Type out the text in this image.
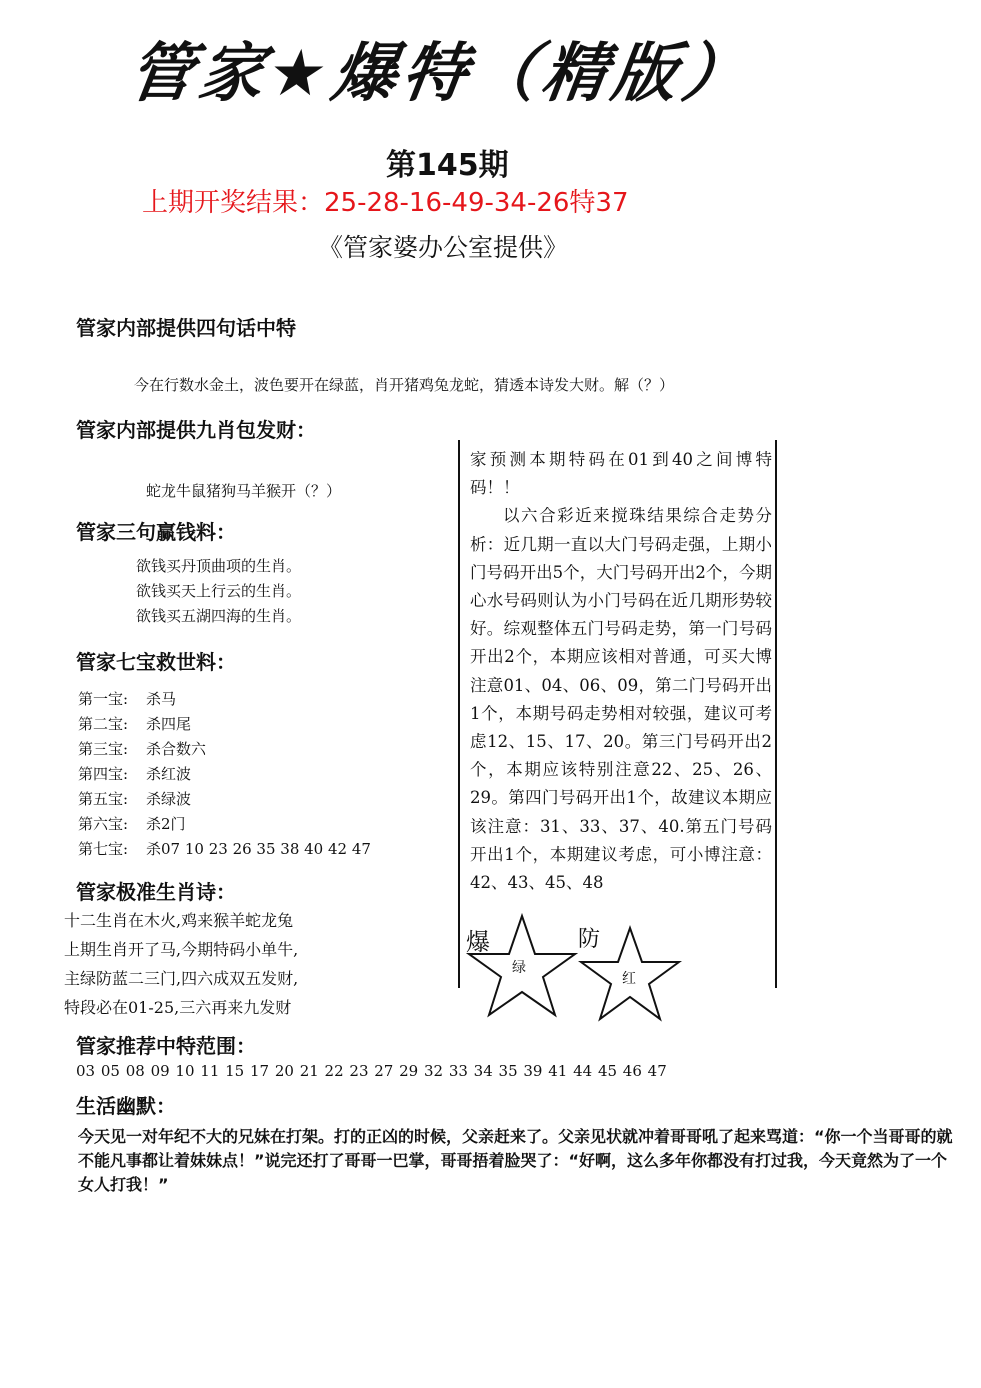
管家★爆特（精版）
第145期
上期开奖结果：25-28-16-49-34-26特37
《管家婆办公室提供》
管家内部提供四句话中特
今在行数水金土，波色要开在绿蓝，肖开猪鸡兔龙蛇，猜透本诗发大财。解（？）
管家内部提供九肖包发财：
蛇龙牛鼠猪狗马羊猴开（？）
管家三句赢钱料：
欲钱买丹顶曲项的生肖。
欲钱买天上行云的生肖。
欲钱买五湖四海的生肖。
管家七宝救世料：
第一宝: 杀马
第二宝: 杀四尾
第三宝: 杀合数六
第四宝: 杀红波
第五宝: 杀绿波
第六宝: 杀2门
第七宝: 杀07 10 23 26 35 38 40 42 47
管家极准生肖诗：
十二生肖在木火,鸡来猴羊蛇龙兔
上期生肖开了马,今期特码小单牛,
主绿防蓝二三门,四六成双五发财,
特段必在01-25,三六再来九发财

家预测本期特码在01到40之间博特码！！

以六合彩近来搅珠结果综合走势分析：近几期一直以大门号码走强，上期小门号码开出5个，大门号码开出2个，今期心水号码则认为小门号码在近几期形势较好。综观整体五门号码走势，第一门号码开出2个，本期应该相对普通，可买大博注意01、04、06、09，第二门号码开出1个，本期号码走势相对较强，建议可考虑12、15、17、20。第三门号码开出2个，本期应该特别注意22、25、26、29。第四门号码开出1个，故建议本期应该注意：31、33、37、40.第五门号码开出1个，本期建议考虑，可小博注意：42、43、45、48

爆
绿
防
红
管家推荐中特范围：
03 05 08 09 10 11 15 17 20 21 22 23 27 29 32 33 34 35 39 41 44 45 46 47
生活幽默：
今天见一对年纪不大的兄妹在打架。打的正凶的时候，父亲赶来了。父亲见状就冲着哥哥吼了起来骂道：“你一个当哥哥的就不能凡事都让着妹妹点！”说完还打了哥哥一巴掌，哥哥捂着脸哭了：“好啊，这么多年你都没有打过我，今天竟然为了一个女人打我！”
